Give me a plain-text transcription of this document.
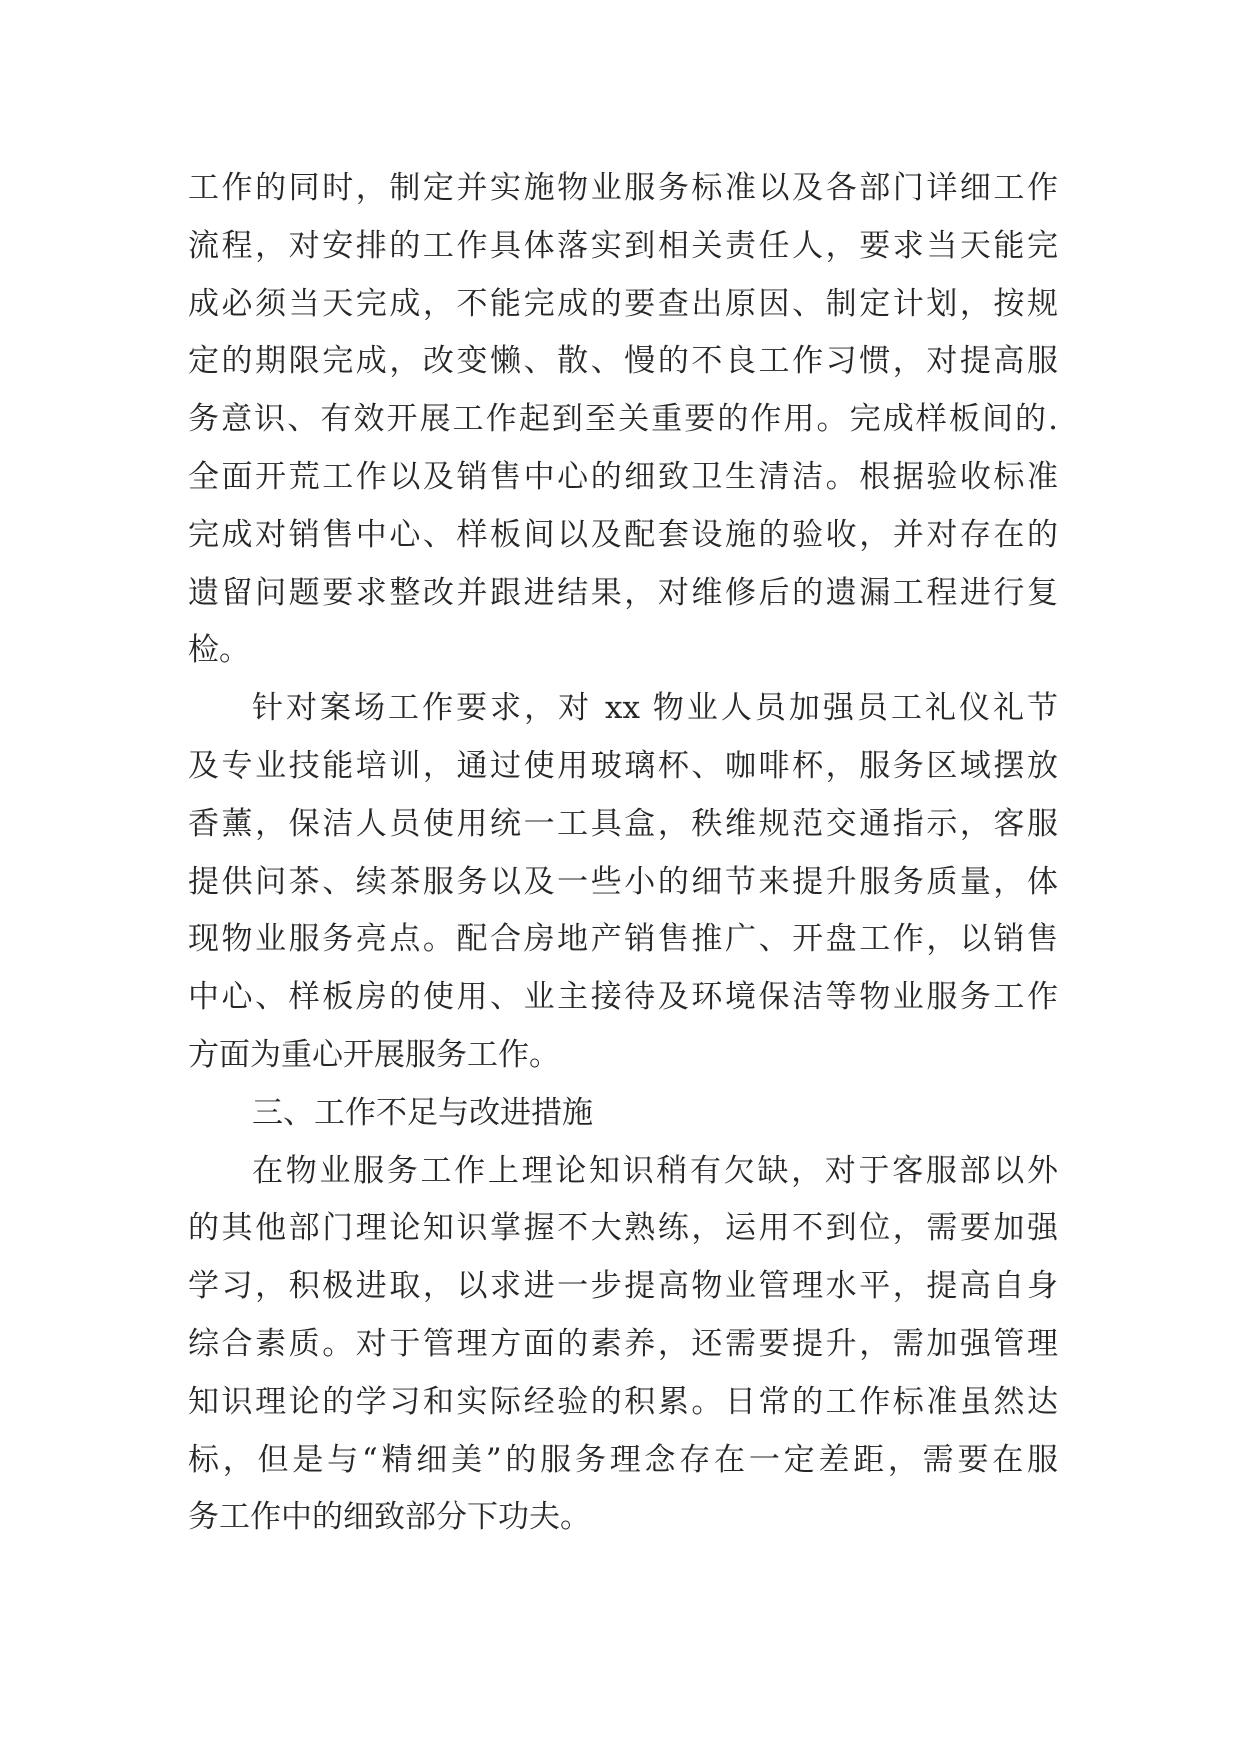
工作的同时，制定并实施物业服务标准以及各部门详细工作
流程，对安排的工作具体落实到相关责任人，要求当天能完
成必须当天完成，不能完成的要查出原因、制定计划，按规
定的期限完成，改变懒、散、慢的不良工作习惯，对提高服
务意识、有效开展工作起到至关重要的作用。完成样板间的.
全面开荒工作以及销售中心的细致卫生清洁。根据验收标准
完成对销售中心、样板间以及配套设施的验收，并对存在的
遗留问题要求整改并跟进结果，对维修后的遗漏工程进行复
检。
针对案场工作要求，对 xx 物业人员加强员工礼仪礼节
及专业技能培训，通过使用玻璃杯、咖啡杯，服务区域摆放
香薰，保洁人员使用统一工具盒，秩维规范交通指示，客服
提供问茶、续茶服务以及一些小的细节来提升服务质量，体
现物业服务亮点。配合房地产销售推广、开盘工作，以销售
中心、样板房的使用、业主接待及环境保洁等物业服务工作
方面为重心开展服务工作。
三、工作不足与改进措施
在物业服务工作上理论知识稍有欠缺，对于客服部以外
的其他部门理论知识掌握不大熟练，运用不到位，需要加强
学习，积极进取，以求进一步提高物业管理水平，提高自身
综合素质。对于管理方面的素养，还需要提升，需加强管理
知识理论的学习和实际经验的积累。日常的工作标准虽然达
标，但是与“精细美”的服务理念存在一定差距，需要在服
务工作中的细致部分下功夫。
